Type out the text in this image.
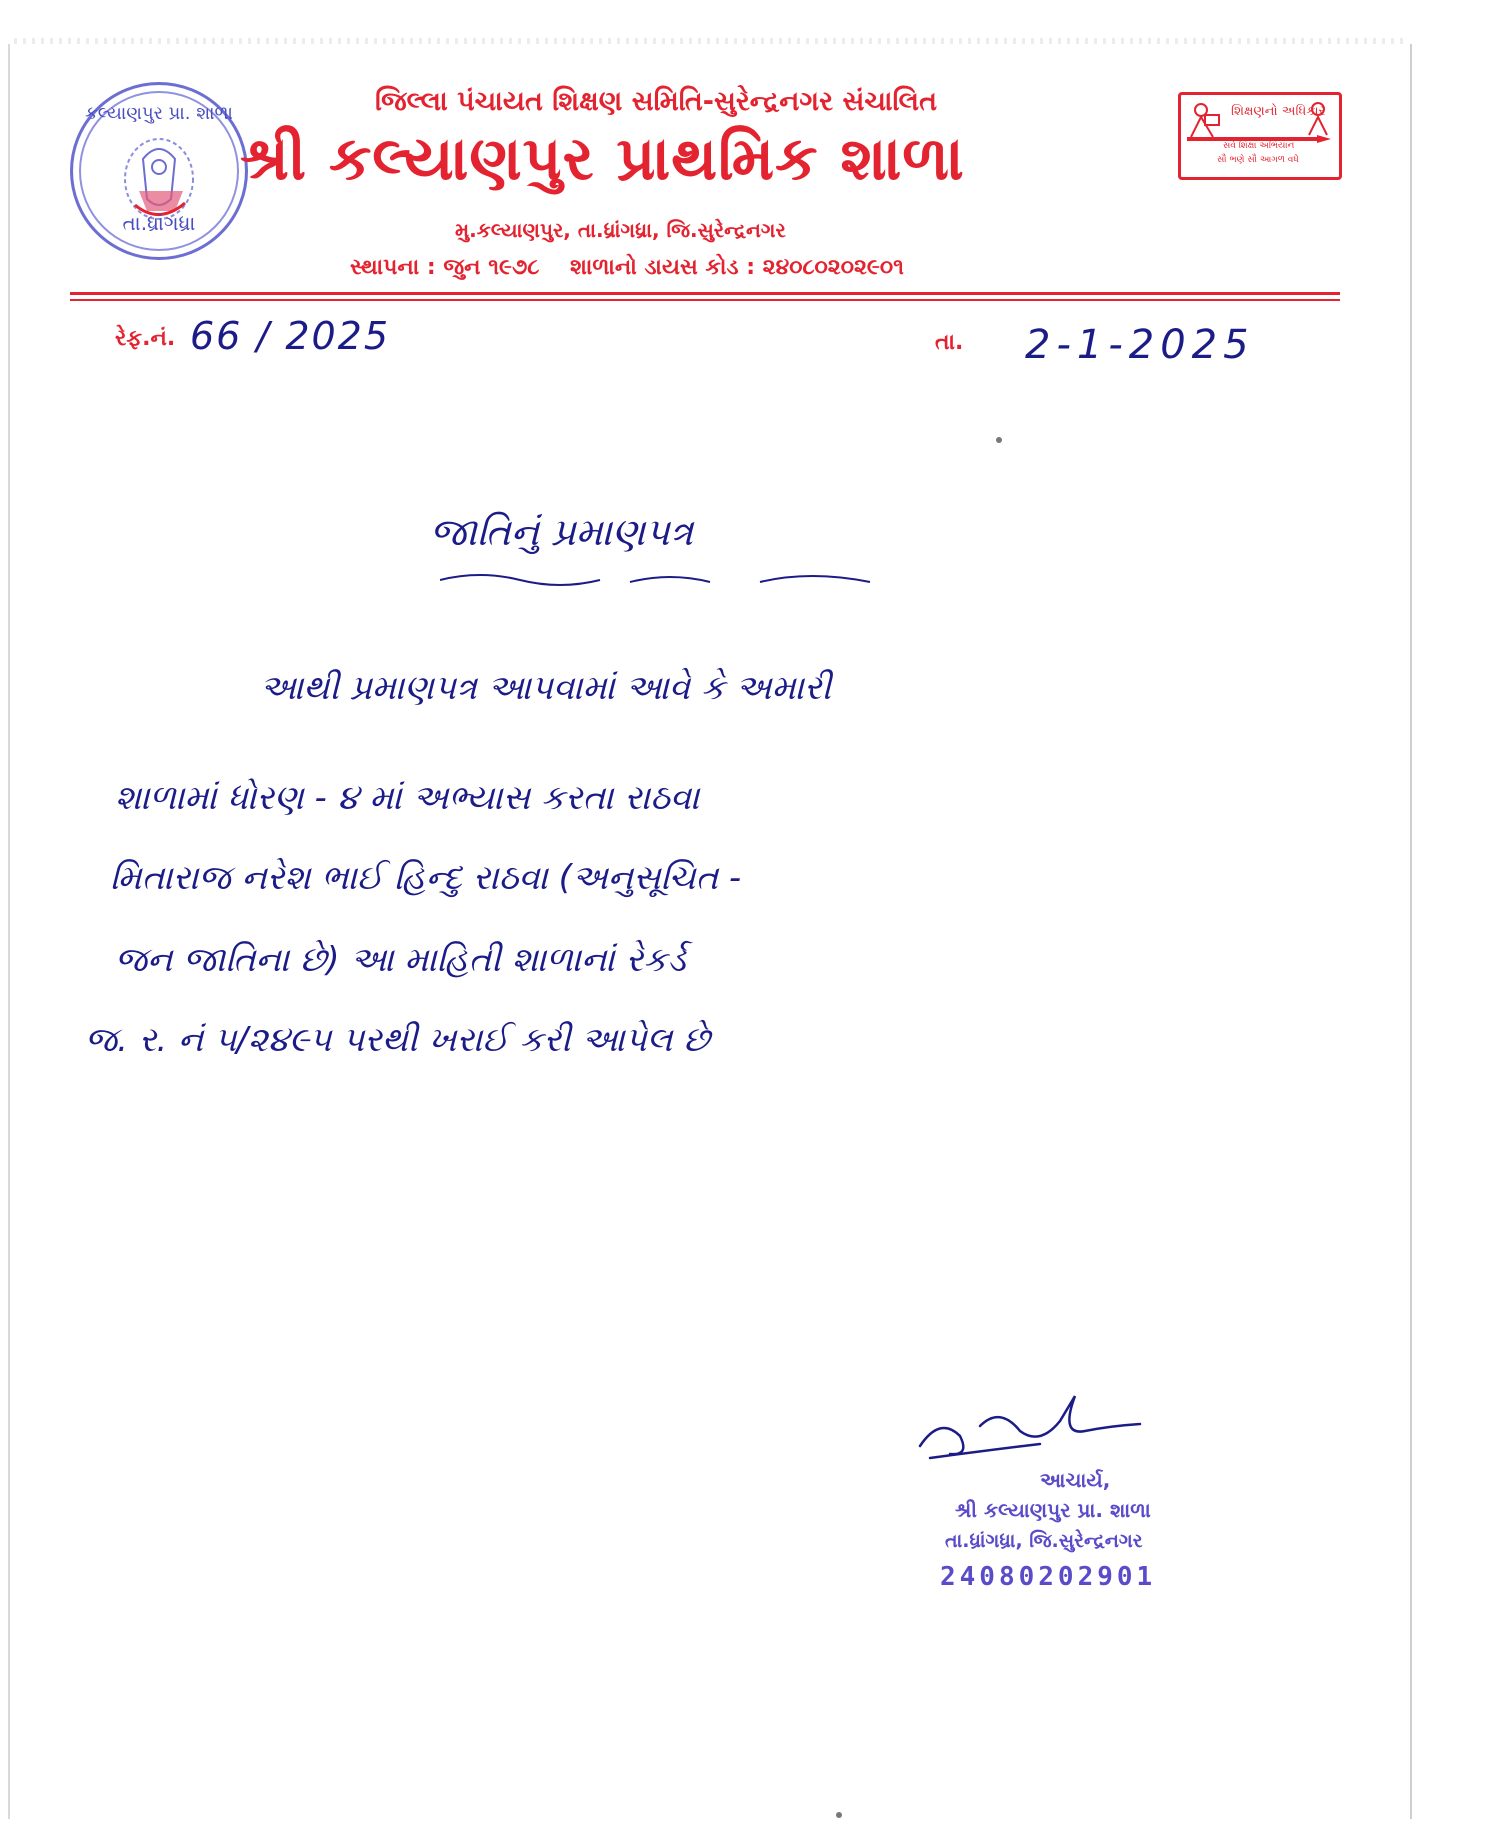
કલ્યાણપુર પ્રા. શાળા
તા.ધ્રાંગધ્રા
જિલ્લા પંચાયત શિક્ષણ સમિતિ-સુરેન્દ્રનગર સંચાલિત
શ્રી કલ્યાણપુર પ્રાથમિક શાળા
મુ.કલ્યાણપુર, તા.ધ્રાંગધ્રા, જિ.સુરેન્દ્રનગર
સ્થાપના : જુન ૧૯૭૮    શાળાનો ડાયસ કોડ : ૨૪૦૮૦૨૦૨૯૦૧
શિક્ષણનો અધિકાર
સર્વ શિક્ષા અભિયાન
સૌ ભણે સૌ આગળ વધે
રેફ.નં. 66 / 2025	તા. 2-1-2025
જાતિનું પ્રમાણપત્ર
આથી પ્રમાણપત્ર આપવામાં આવે કે અમારી
શાળામાં ધોરણ - ૪ માં અભ્યાસ કરતા રાઠવા
મિતારાજ નરેશ ભાઈ હિન્દુ રાઠવા (અનુસૂચિત -
જન જાતિના છે) આ માહિતી શાળાનાં રેકર્ડ
જ. ર. નં ૫/૨૪૯૫ પરથી ખરાઈ કરી આપેલ છે
આચાર્ય,
શ્રી કલ્યાણપુર પ્રા. શાળા
તા.ધ્રાંગધ્રા, જિ.સુરેન્દ્રનગર
24080202901
